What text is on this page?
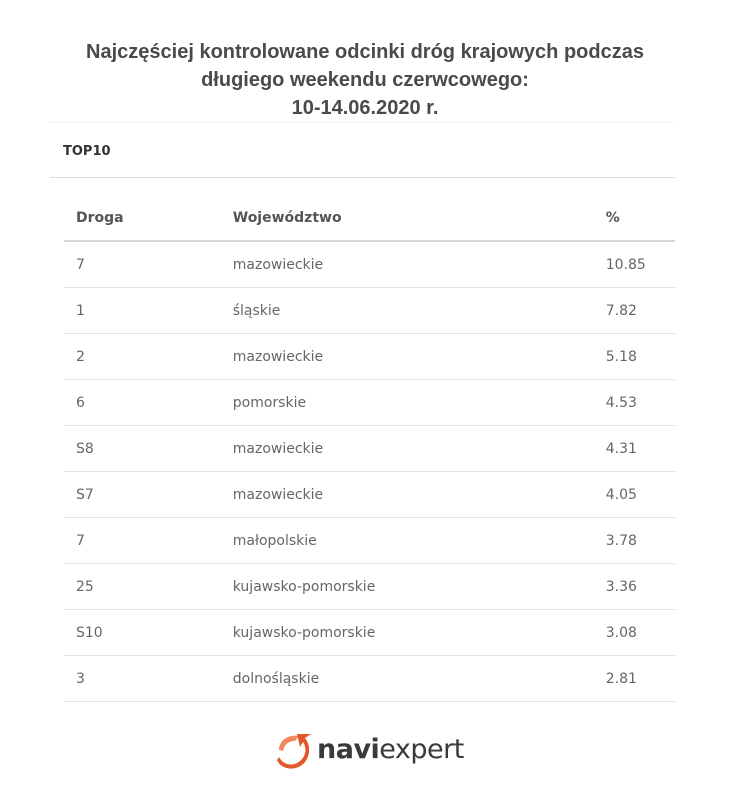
Najczęściej kontrolowane odcinki dróg krajowych podczas
długiego weekendu czerwcowego:
10-14.06.2020 r.
TOP10
Droga	Województwo	%
7	mazowieckie	10.85
1	śląskie	7.82
2	mazowieckie	5.18
6	pomorskie	4.53
S8	mazowieckie	4.31
S7	mazowieckie	4.05
7	małopolskie	3.78
25	kujawsko-pomorskie	3.36
S10	kujawsko-pomorskie	3.08
3	dolnośląskie	2.81
naviexpert
